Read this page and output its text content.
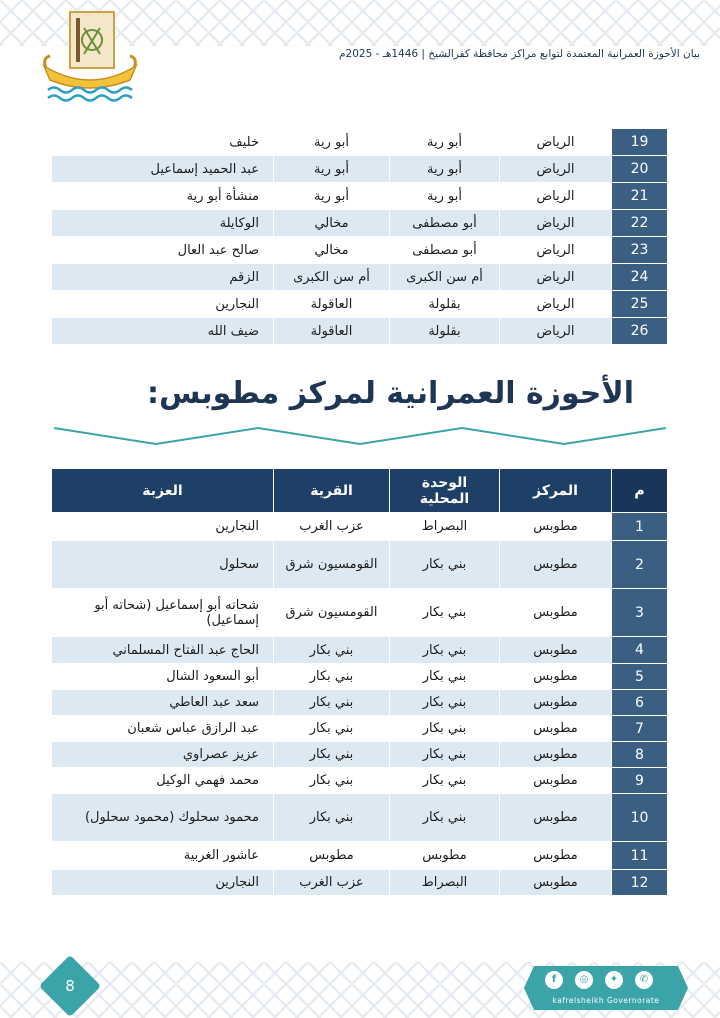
بيان الأحوزة العمرانية المعتمدة لتوابع مراكز محافظة كفرالشيخ | 1446هـ - 2025م
19	الرياض	أبو رية	أبو رية	خليف
20	الرياض	أبو رية	أبو رية	عبد الحميد إسماعيل
21	الرياض	أبو رية	أبو رية	منشأة أبو رية
22	الرياض	أبو مصطفى	مخالي	الوكايلة
23	الرياض	أبو مصطفى	مخالي	صالح عبد العال
24	الرياض	أم سن الكبرى	أم سن الكبرى	الزقم
25	الرياض	بقلولة	العاقولة	النجارين
26	الرياض	بقلولة	العاقولة	ضيف الله
الأحوزة العمرانية لمركز مطوبس:
م	المركز	الوحدة المحلية	القرية	العزبة
1	مطوبس	البصراط	عزب الغرب	النجارين
2	مطوبس	بني بكار	القومسيون شرق	سحلول
3	مطوبس	بني بكار	القومسيون شرق	شحاته أبو إسماعيل (شحاته أبو إسماعيل)
4	مطوبس	بني بكار	بني بكار	الحاج عبد الفتاح المسلماني
5	مطوبس	بني بكار	بني بكار	أبو السعود الشال
6	مطوبس	بني بكار	بني بكار	سعد عبد العاطي
7	مطوبس	بني بكار	بني بكار	عبد الرازق عباس شعبان
8	مطوبس	بني بكار	بني بكار	عزيز عصراوي
9	مطوبس	بني بكار	بني بكار	محمد فهمي الوكيل
10	مطوبس	بني بكار	بني بكار	محمود سحلوك (محمود سحلول)
11	مطوبس	مطوبس	مطوبس	عاشور الغربية
12	مطوبس	البصراط	عزب الغرب	النجارين
8	f	◎	✦	✆
kafrelsheikh Governorate
